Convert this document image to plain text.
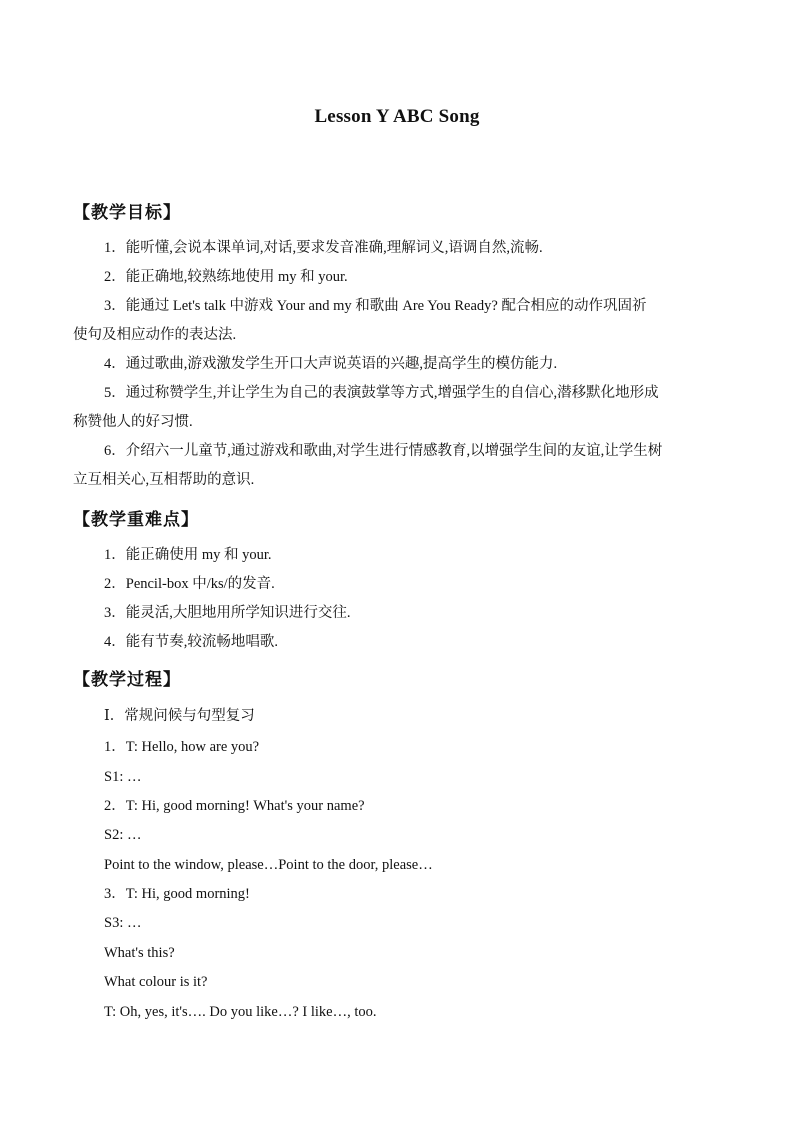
Lesson Y ABC Song
【教学目标】
1．能听懂,会说本课单词,对话,要求发音准确,理解词义,语调自然,流畅.
2．能正确地,较熟练地使用 my 和 your.
3．能通过 Let's talk 中游戏 Your and my 和歌曲 Are You Ready? 配合相应的动作巩固祈
使句及相应动作的表达法.
4．通过歌曲,游戏激发学生开口大声说英语的兴趣,提高学生的模仿能力.
5．通过称赞学生,并让学生为自己的表演鼓掌等方式,增强学生的自信心,潜移默化地形成
称赞他人的好习惯.
6．介绍六一儿童节,通过游戏和歌曲,对学生进行情感教育,以增强学生间的友谊,让学生树
立互相关心,互相帮助的意识.
【教学重难点】
1．能正确使用 my 和 your.
2．Pencil-box 中/ks/的发音.
3．能灵活,大胆地用所学知识进行交往.
4．能有节奏,较流畅地唱歌.
【教学过程】
Ⅰ．常规问候与句型复习
1．T: Hello, how are you?
S1: …
2．T: Hi, good morning! What's your name?
S2: …
Point to the window, please…Point to the door, please…
3．T: Hi, good morning!
S3: …
What's this?
What colour is it?
T: Oh, yes, it's…. Do you like…? I like…, too.
